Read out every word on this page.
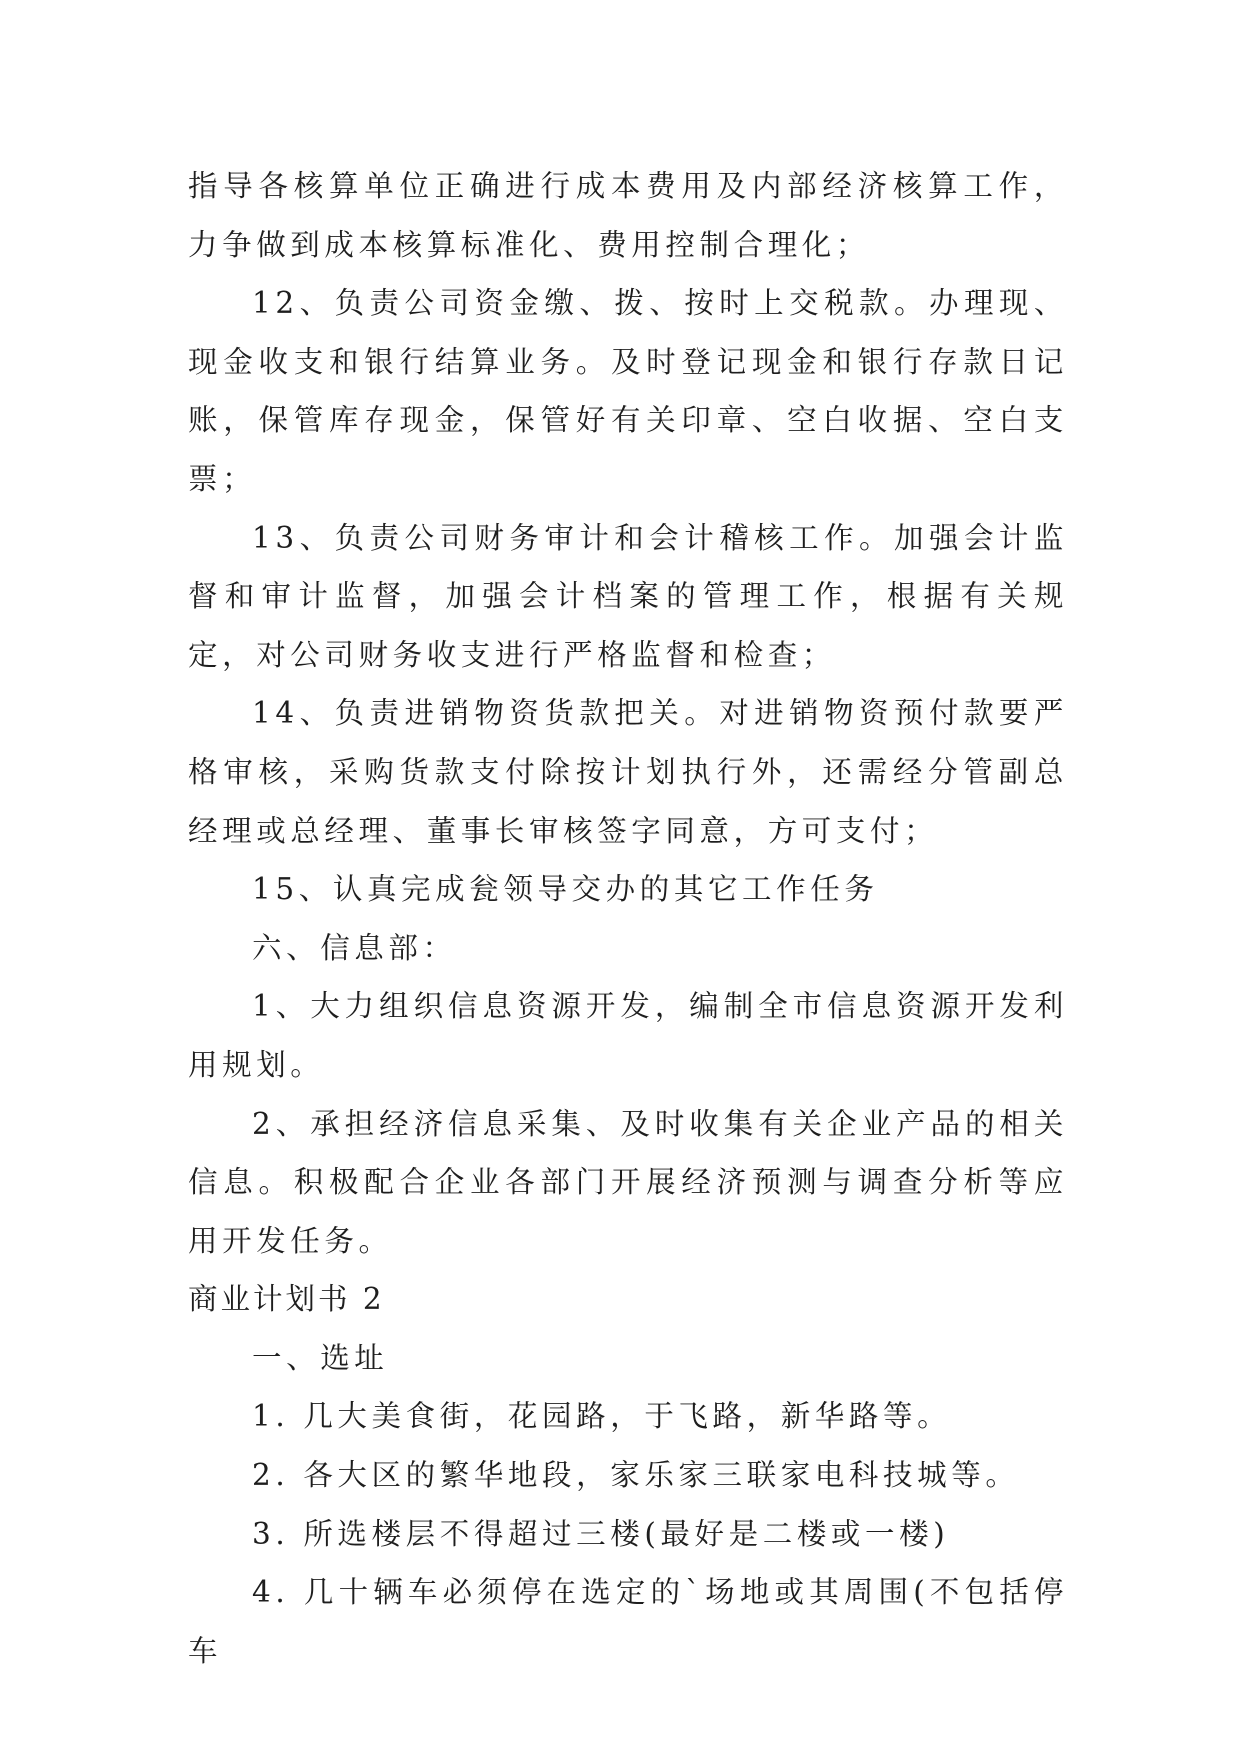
指导各核算单位正确进行成本费用及内部经济核算工作，力争做到成本核算标准化、费用控制合理化；

12、负责公司资金缴、拨、按时上交税款。办理现、现金收支和银行结算业务。及时登记现金和银行存款日记账，保管库存现金，保管好有关印章、空白收据、空白支票；

13、负责公司财务审计和会计稽核工作。加强会计监督和审计监督，加强会计档案的管理工作，根据有关规定，对公司财务收支进行严格监督和检查；

14、负责进销物资货款把关。对进销物资预付款要严格审核，采购货款支付除按计划执行外，还需经分管副总经理或总经理、董事长审核签字同意，方可支付；

15、认真完成瓮领导交办的其它工作任务

六、信息部：

1、大力组织信息资源开发，编制全市信息资源开发利用规划。

2、承担经济信息采集、及时收集有关企业产品的相关信息。积极配合企业各部门开展经济预测与调查分析等应用开发任务。

商业计划书 2

一、选址

1. 几大美食街，花园路，于飞路，新华路等。

2. 各大区的繁华地段，家乐家三联家电科技城等。

3. 所选楼层不得超过三楼(最好是二楼或一楼)

4. 几十辆车必须停在选定的`场地或其周围(不包括停车
